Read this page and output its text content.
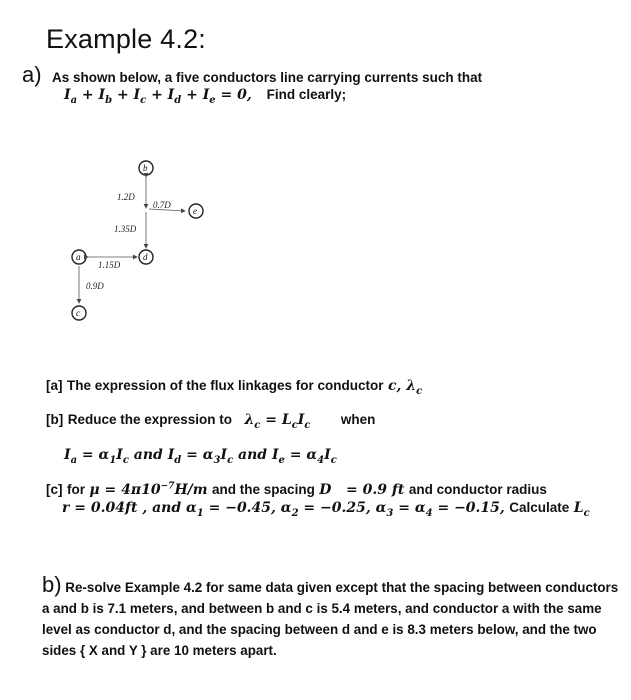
Example 4.2:
a) As shown below, a five conductors line carrying currents such that
$I_a + I_b + I_c + I_d + I_e = 0$, Find clearly;
b
e
d
a
c
1.2D
0.7D
1.35D
1.15D
0.9D
[a] The expression of the flux linkages for conductor c, $\lambda_c$
[b] Reduce the expression to $\lambda_c = L_cI_c$ when
$I_a = \alpha_1I_c$ and $I_d = \alpha_3I_c$ and $I_e = \alpha_4I_c$
[c] for $\mu = 4\pi 10^{-7}H/m$ and the spacing D   = 0.9 ft and conductor radius
r = 0.04ft , and $\alpha_1 = -0.45$, $\alpha_2 = -0.25$, $\alpha_3 = \alpha_4 = -0.15$, Calculate $L_c$
b) Re-solve Example 4.2 for same data given except that the spacing between conductors a and b is 7.1 meters, and between b and c is 5.4 meters, and conductor a with the same level as conductor d, and the spacing between d and e is 8.3 meters below, and the two sides { X and Y } are 10 meters apart.
